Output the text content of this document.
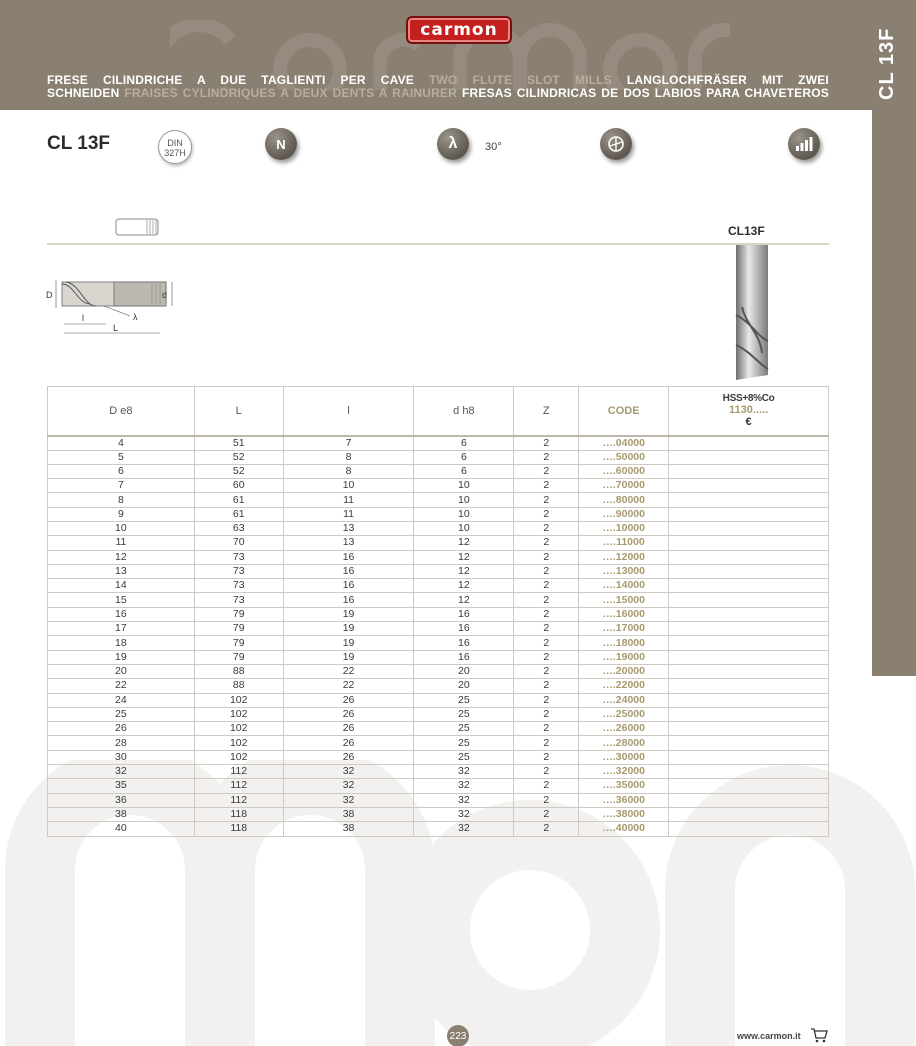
carmon
FRESE CILINDRICHE A DUE TAGLIENTI PER CAVE TWO FLUTE SLOT MILLS LANGLOCHFRÄSER MIT ZWEI
SCHNEIDEN FRAISES CYLINDRIQUES A DEUX DENTS A RAINURER FRESAS CILINDRICAS DE DOS LABIOS PARA CHAVETEROS CL 13F
CL 13F	DIN
327H
N	λ	30°
CL13F
D	d
l
L
λ
D e8	L	l	d h8	Z	CODE	HSS+8%Co
1130.....
€

4	51	7	6	2	….04000	
5	52	8	6	2	….50000	
6	52	8	6	2	….60000	
7	60	10	10	2	….70000	
8	61	11	10	2	….80000	
9	61	11	10	2	….90000	
10	63	13	10	2	….10000	
11	70	13	12	2	….11000	
12	73	16	12	2	….12000	
13	73	16	12	2	….13000	
14	73	16	12	2	….14000	
15	73	16	12	2	….15000	
16	79	19	16	2	….16000	
17	79	19	16	2	….17000	
18	79	19	16	2	….18000	
19	79	19	16	2	….19000	
20	88	22	20	2	….20000	
22	88	22	20	2	….22000	
24	102	26	25	2	….24000	
25	102	26	25	2	….25000	
26	102	26	25	2	….26000	
28	102	26	25	2	….28000	
30	102	26	25	2	….30000	
32	112	32	32	2	….32000	
35	112	32	32	2	….35000	
36	112	32	32	2	….36000	
38	118	38	32	2	….38000	
40	118	38	32	2	….40000	
223	www.carmon.it
